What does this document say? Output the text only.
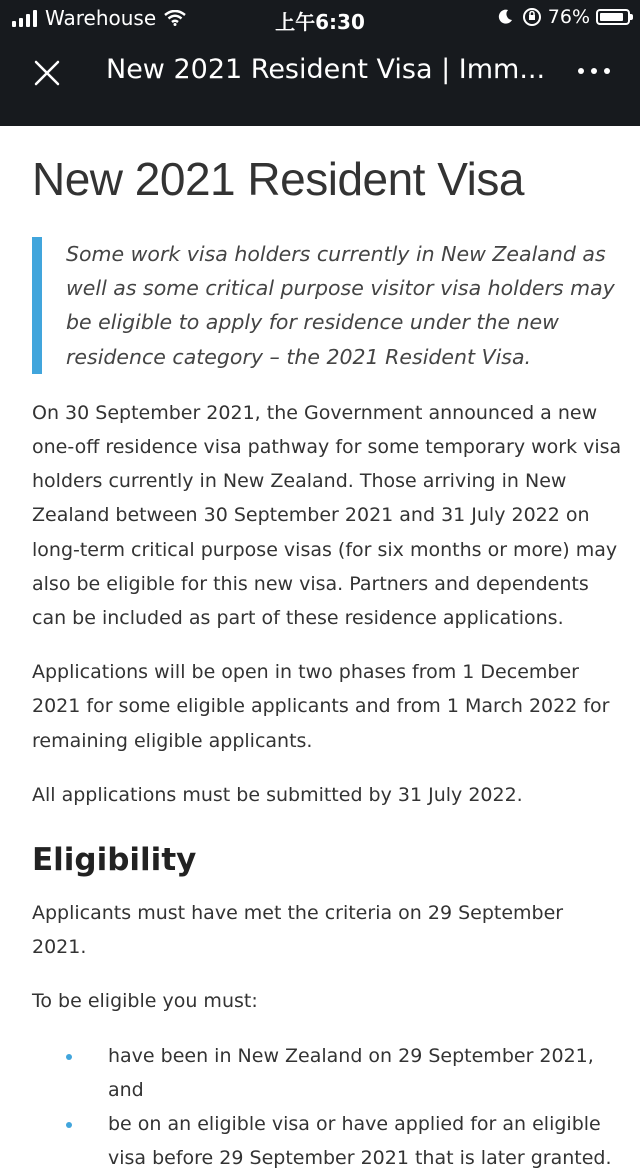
Warehouse	上午6:30	76%
New 2021 Resident Visa | Imm...
New 2021 Resident Visa
Some work visa holders currently in New Zealand as well as some critical purpose visitor visa holders may be eligible to apply for residence under the new residence category – the 2021 Resident Visa.

On 30 September 2021, the Government announced a new one-off residence visa pathway for some temporary work visa holders currently in New Zealand. Those arriving in New Zealand between 30 September 2021 and 31 July 2022 on long-term critical purpose visas (for six months or more) may also be eligible for this new visa. Partners and dependents can be included as part of these residence applications.

Applications will be open in two phases from 1 December 2021 for some eligible applicants and from 1 March 2022 for remaining eligible applicants.

All applications must be submitted by 31 July 2022.

Eligibility

Applicants must have met the criteria on 29 September 2021.

To be eligible you must:

have been in New Zealand on 29 September 2021, and
be on an eligible visa or have applied for an eligible visa before 29 September 2021 that is later granted.
